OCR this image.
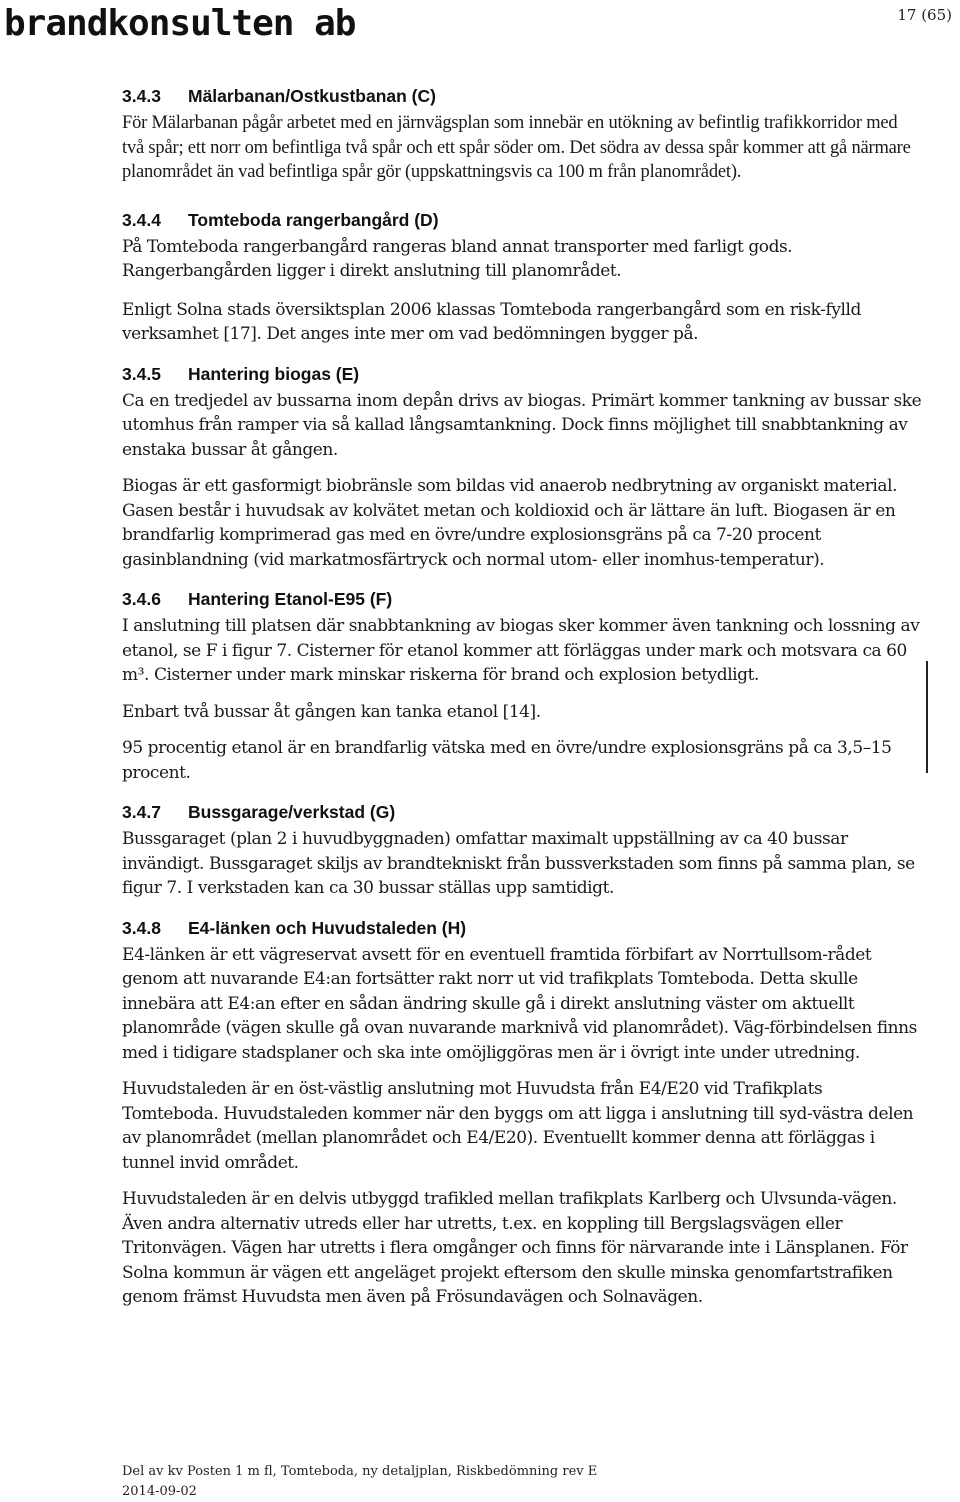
brandkonsulten ab	17 (65)
3.4.3	Mälarbanan/Ostkustbanan (C)

För Mälarbanan pågår arbetet med en järnvägsplan som innebär en utökning av befintlig trafikkorridor med två spår; ett norr om befintliga två spår och ett spår söder om. Det södra av dessa spår kommer att gå närmare planområdet än vad befintliga spår gör (uppskattningsvis ca 100 m från planområdet).

3.4.4	Tomteboda rangerbangård (D)

På Tomteboda rangerbangård rangeras bland annat transporter med farligt gods. Rangerbangården ligger i direkt anslutning till planområdet.

Enligt Solna stads översiktsplan 2006 klassas Tomteboda rangerbangård som en risk-fylld verksamhet [17]. Det anges inte mer om vad bedömningen bygger på.

3.4.5	Hantering biogas (E)

Ca en tredjedel av bussarna inom depån drivs av biogas. Primärt kommer tankning av bussar ske utomhus från ramper via så kallad långsamtankning. Dock finns möjlighet till snabbtankning av enstaka bussar åt gången.

Biogas är ett gasformigt biobränsle som bildas vid anaerob nedbrytning av organiskt material. Gasen består i huvudsak av kolvätet metan och koldioxid och är lättare än luft. Biogasen är en brandfarlig komprimerad gas med en övre/undre explosionsgräns på ca 7-20 procent gasinblandning (vid markatmosfärtryck och normal utom- eller inomhus-temperatur).

3.4.6	Hantering Etanol-E95 (F)

I anslutning till platsen där snabbtankning av biogas sker kommer även tankning och lossning av etanol, se F i figur 7. Cisterner för etanol kommer att förläggas under mark och motsvara ca 60 m³. Cisterner under mark minskar riskerna för brand och explosion betydligt.

Enbart två bussar åt gången kan tanka etanol [14].

95 procentig etanol är en brandfarlig vätska med en övre/undre explosionsgräns på ca 3,5–15 procent.

3.4.7	Bussgarage/verkstad (G)

Bussgaraget (plan 2 i huvudbyggnaden) omfattar maximalt uppställning av ca 40 bussar invändigt. Bussgaraget skiljs av brandtekniskt från bussverkstaden som finns på samma plan, se figur 7. I verkstaden kan ca 30 bussar ställas upp samtidigt.

3.4.8	E4-länken och Huvudstaleden (H)

E4-länken är ett vägreservat avsett för en eventuell framtida förbifart av Norrtullsom-rådet genom att nuvarande E4:an fortsätter rakt norr ut vid trafikplats Tomteboda. Detta skulle innebära att E4:an efter en sådan ändring skulle gå i direkt anslutning väster om aktuellt planområde (vägen skulle gå ovan nuvarande marknivå vid planområdet). Väg-förbindelsen finns med i tidigare stadsplaner och ska inte omöjliggöras men är i övrigt inte under utredning.

Huvudstaleden är en öst-västlig anslutning mot Huvudsta från E4/E20 vid Trafikplats Tomteboda. Huvudstaleden kommer när den byggs om att ligga i anslutning till syd-västra delen av planområdet (mellan planområdet och E4/E20). Eventuellt kommer denna att förläggas i tunnel invid området.

Huvudstaleden är en delvis utbyggd trafikled mellan trafikplats Karlberg och Ulvsunda-vägen. Även andra alternativ utreds eller har utretts, t.ex. en koppling till Bergslagsvägen eller Tritonvägen. Vägen har utretts i flera omgånger och finns för närvarande inte i Länsplanen. För Solna kommun är vägen ett angeläget projekt eftersom den skulle minska genomfartstrafiken genom främst Huvudsta men även på Frösundavägen och Solnavägen.

Del av kv Posten 1 m fl, Tomteboda, ny detaljplan, Riskbedömning rev E
2014-09-02
